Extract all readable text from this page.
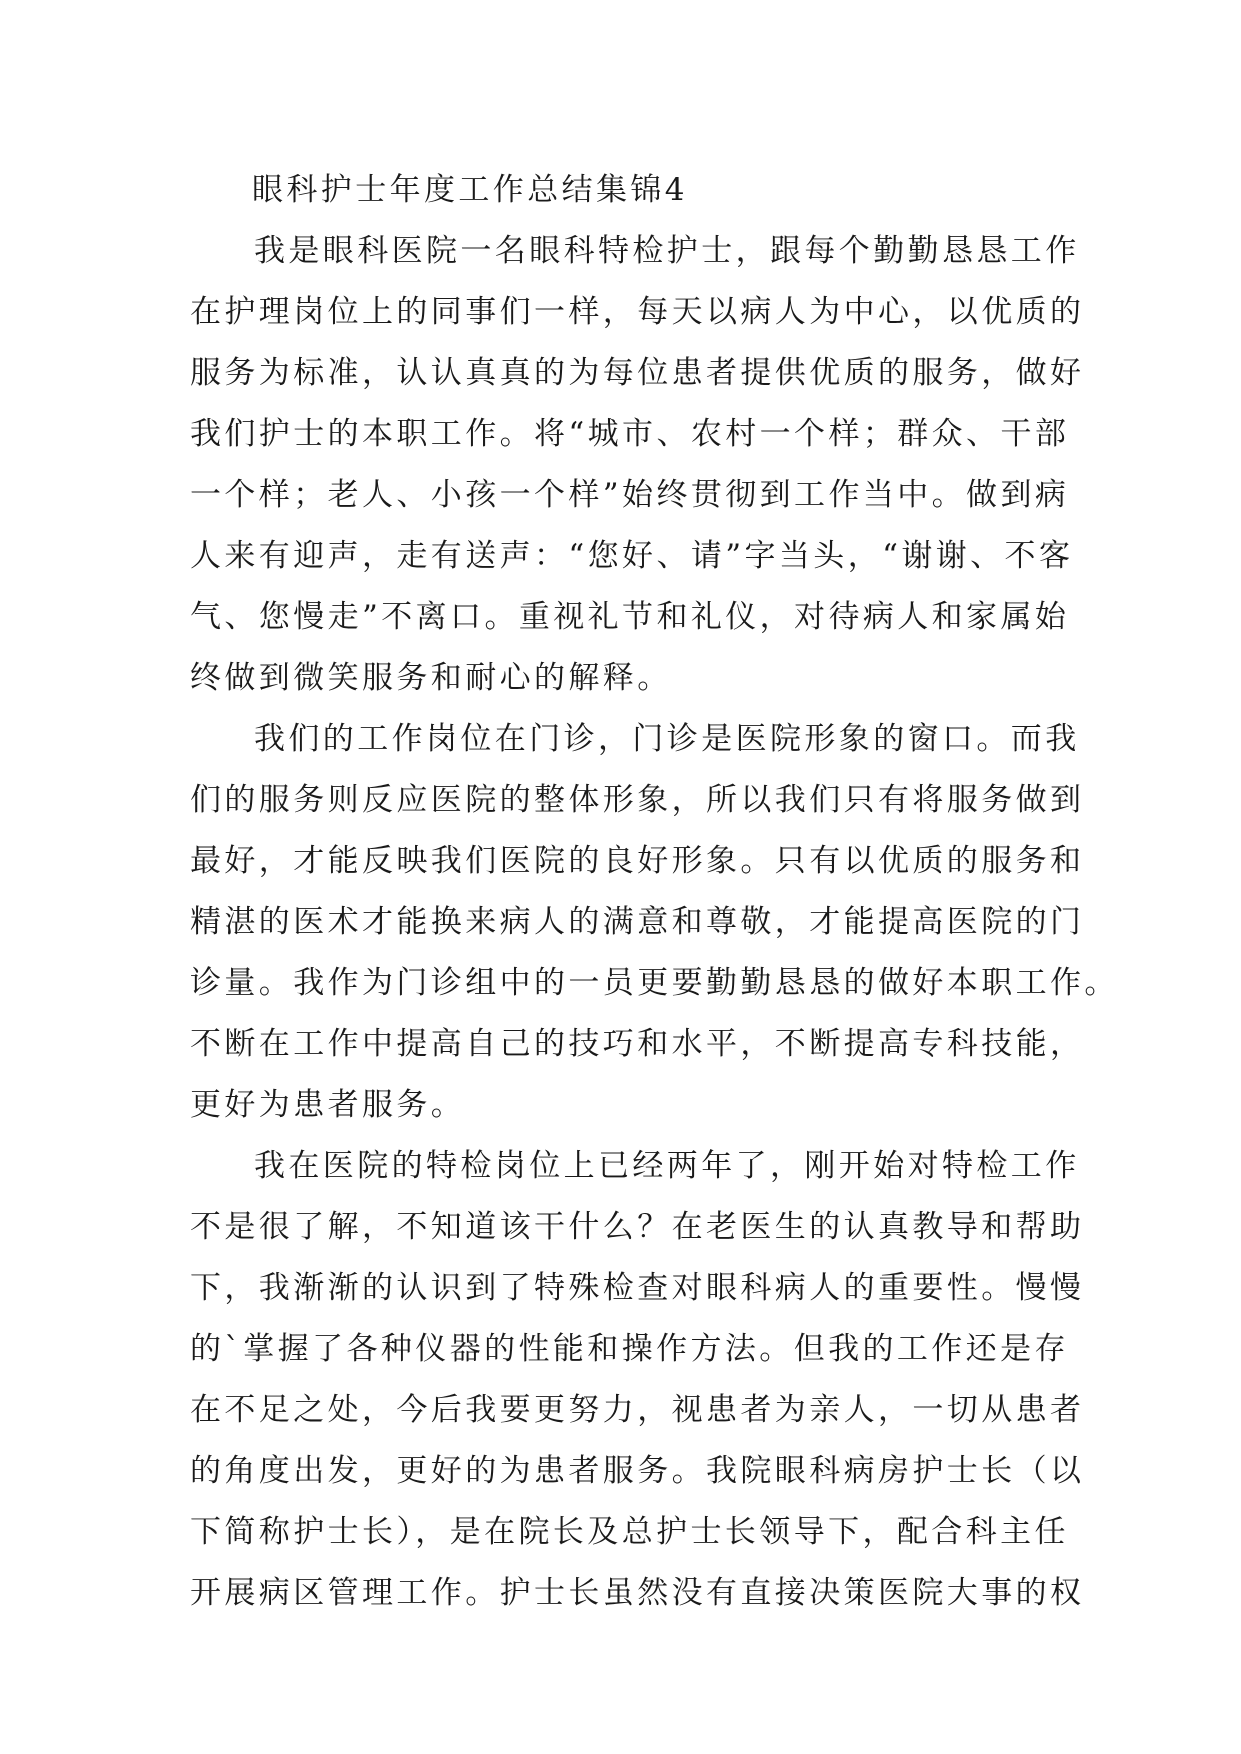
眼科护士年度工作总结集锦4

我是眼科医院一名眼科特检护士，跟每个勤勤恳恳工作
在护理岗位上的同事们一样，每天以病人为中心，以优质的
服务为标准，认认真真的为每位患者提供优质的服务，做好
我们护士的本职工作。将“城市、农村一个样；群众、干部
一个样；老人、小孩一个样”始终贯彻到工作当中。做到病
人来有迎声，走有送声：“您好、请”字当头，“谢谢、不客
气、您慢走”不离口。重视礼节和礼仪，对待病人和家属始
终做到微笑服务和耐心的解释。

我们的工作岗位在门诊，门诊是医院形象的窗口。而我
们的服务则反应医院的整体形象，所以我们只有将服务做到
最好，才能反映我们医院的良好形象。只有以优质的服务和
精湛的医术才能换来病人的满意和尊敬，才能提高医院的门
诊量。我作为门诊组中的一员更要勤勤恳恳的做好本职工作。
不断在工作中提高自己的技巧和水平，不断提高专科技能，
更好为患者服务。

我在医院的特检岗位上已经两年了，刚开始对特检工作
不是很了解，不知道该干什么？在老医生的认真教导和帮助
下，我渐渐的认识到了特殊检查对眼科病人的重要性。慢慢
的`掌握了各种仪器的性能和操作方法。但我的工作还是存
在不足之处，今后我要更努力，视患者为亲人，一切从患者
的角度出发，更好的为患者服务。我院眼科病房护士长（以
下简称护士长），是在院长及总护士长领导下，配合科主任
开展病区管理工作。护士长虽然没有直接决策医院大事的权
